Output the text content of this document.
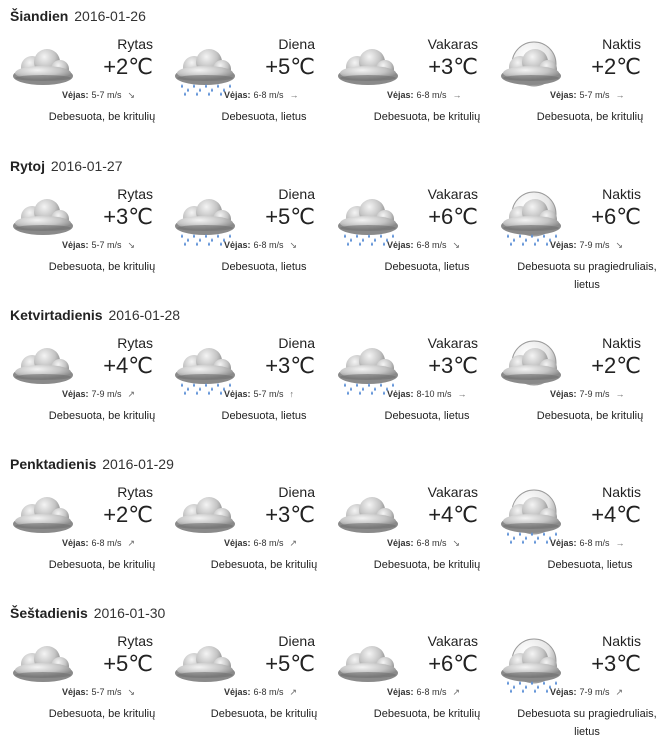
Šiandien 2016-01-26
Rytas
+2℃
Vėjas: 5-7 m/s ↘
Debesuota, be kritulių
Diena
+5℃
Vėjas: 6-8 m/s →
Debesuota, lietus
Vakaras
+3℃
Vėjas: 6-8 m/s →
Debesuota, be kritulių
Naktis
+2℃
Vėjas: 5-7 m/s →
Debesuota, be kritulių
Rytoj 2016-01-27
Rytas
+3℃
Vėjas: 5-7 m/s ↘
Debesuota, be kritulių
Diena
+5℃
Vėjas: 6-8 m/s ↘
Debesuota, lietus
Vakaras
+6℃
Vėjas: 6-8 m/s ↘
Debesuota, lietus
Naktis
+6℃
Vėjas: 7-9 m/s ↘
Debesuota su pragiedruliais, lietus
Ketvirtadienis 2016-01-28
Rytas
+4℃
Vėjas: 7-9 m/s ↗
Debesuota, be kritulių
Diena
+3℃
Vėjas: 5-7 m/s ↑
Debesuota, lietus
Vakaras
+3℃
Vėjas: 8-10 m/s →
Debesuota, lietus
Naktis
+2℃
Vėjas: 7-9 m/s →
Debesuota, be kritulių
Penktadienis 2016-01-29
Rytas
+2℃
Vėjas: 6-8 m/s ↗
Debesuota, be kritulių
Diena
+3℃
Vėjas: 6-8 m/s ↗
Debesuota, be kritulių
Vakaras
+4℃
Vėjas: 6-8 m/s ↘
Debesuota, be kritulių
Naktis
+4℃
Vėjas: 6-8 m/s →
Debesuota, lietus
Šeštadienis 2016-01-30
Rytas
+5℃
Vėjas: 5-7 m/s ↘
Debesuota, be kritulių
Diena
+5℃
Vėjas: 6-8 m/s ↗
Debesuota, be kritulių
Vakaras
+6℃
Vėjas: 6-8 m/s ↗
Debesuota, be kritulių
Naktis
+3℃
Vėjas: 7-9 m/s ↗
Debesuota su pragiedruliais, lietus
